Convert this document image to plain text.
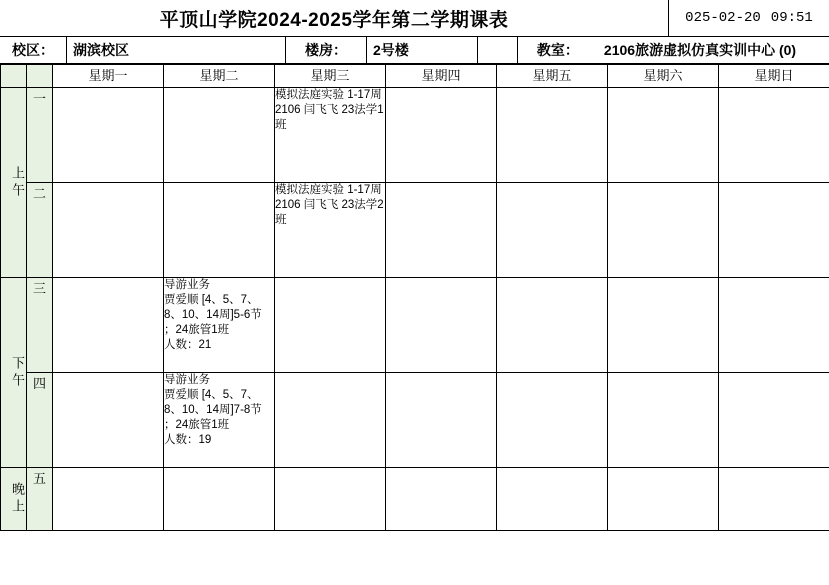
平顶山学院2024-2025学年第二学期课表	025-02-20 09:51
校区：	湖滨校区	楼房：	2号楼	教室：	2106旅游虚拟仿真实训中心 (0)
		星期一	星期二	星期三	星期四	星期五	星期六	星期日
上午	一			模拟法庭实验 1-17周
2106 闫飞飞 23法学1班				

	二			模拟法庭实验 1-17周
2106 闫飞飞 23法学2班				

下午	三		导游业务
贾爱顺 [4、5、7、8、10、14周]5-6节 ；24旅管1班
人数：21					

	四		导游业务
贾爱顺 [4、5、7、8、10、14周]7-8节 ；24旅管1班
人数：19					

晚上	五	
